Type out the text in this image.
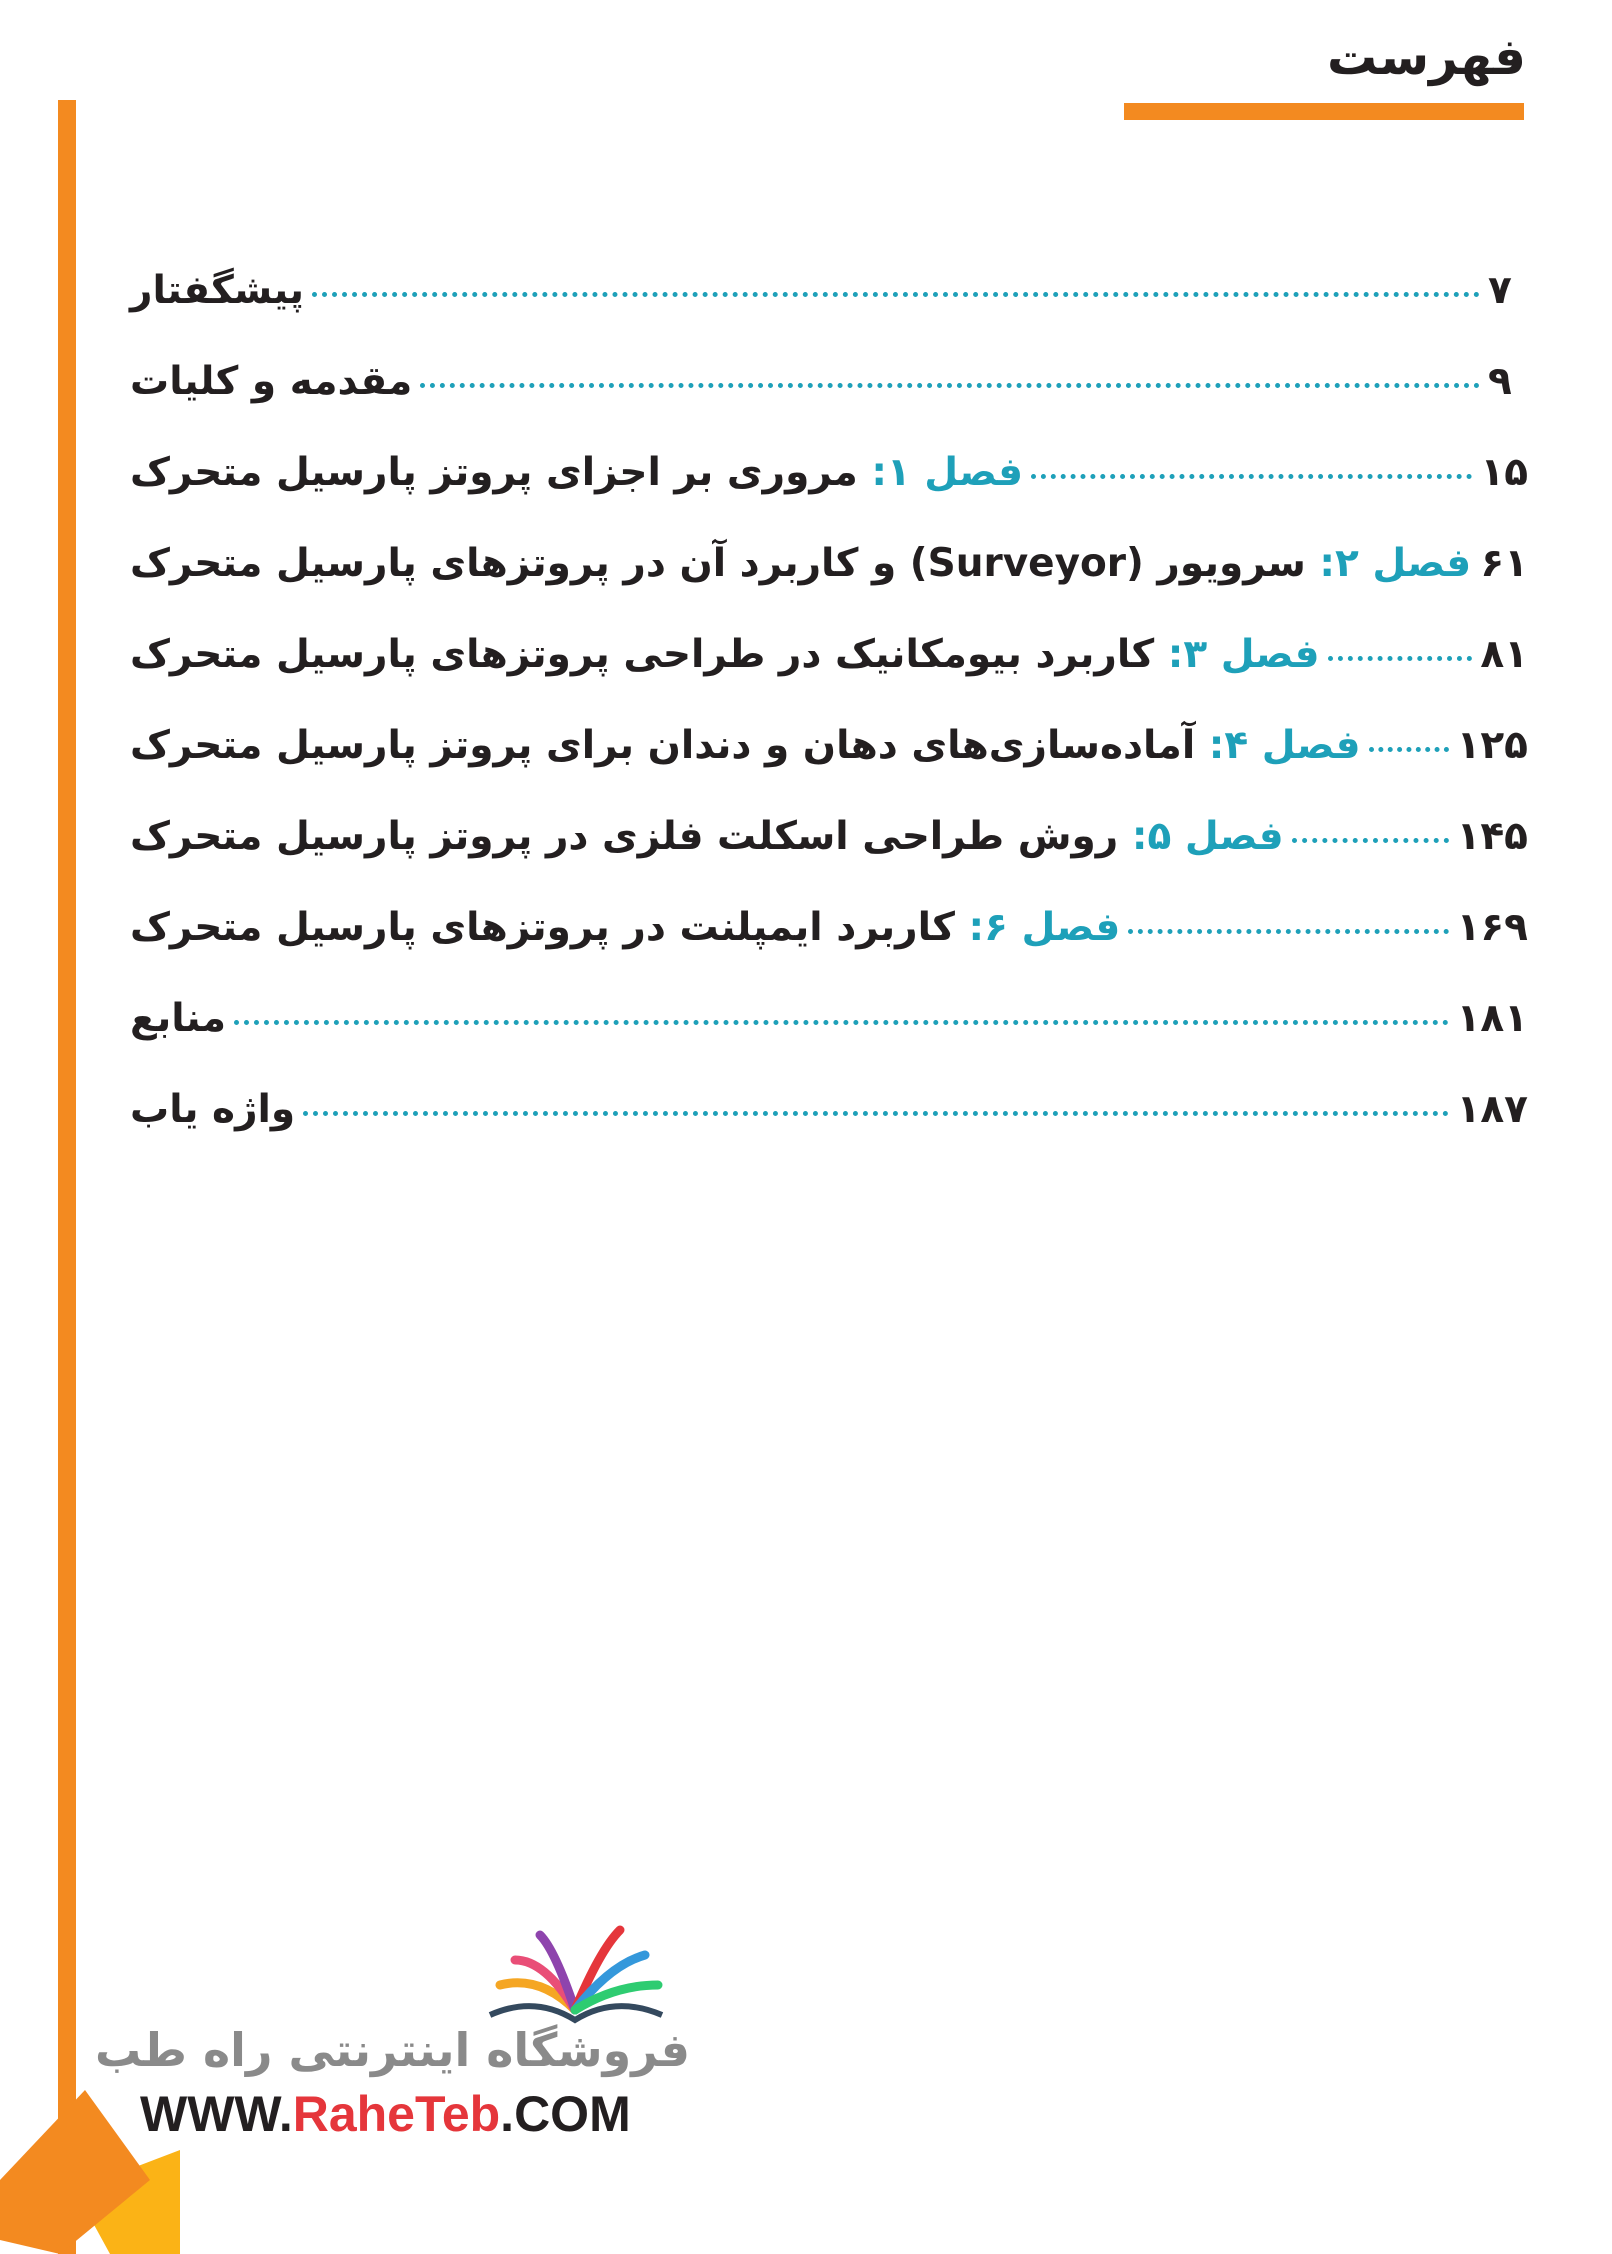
فهرست
پیشگفتار	۷
مقدمه و کلیات	۹
فصل ۱: مروری بر اجزای پروتز پارسیل متحرک	۱۵
فصل ۲: سرویور (Surveyor) و کاربرد آن در پروتزهای پارسیل متحرک	۶۱
فصل ۳: کاربرد بیومکانیک در طراحی پروتزهای پارسیل متحرک	۸۱
فصل ۴: آماده‌سازی‌های دهان و دندان برای پروتز پارسیل متحرک	۱۲۵
فصل ۵: روش طراحی اسکلت فلزی در پروتز پارسیل متحرک	۱۴۵
فصل ۶: کاربرد ایمپلنت در پروتزهای پارسیل متحرک	۱۶۹
منابع	۱۸۱
واژه یاب	۱۸۷
فروشگاه اینترنتی راه طب
WWW.RaheTeb.COM
